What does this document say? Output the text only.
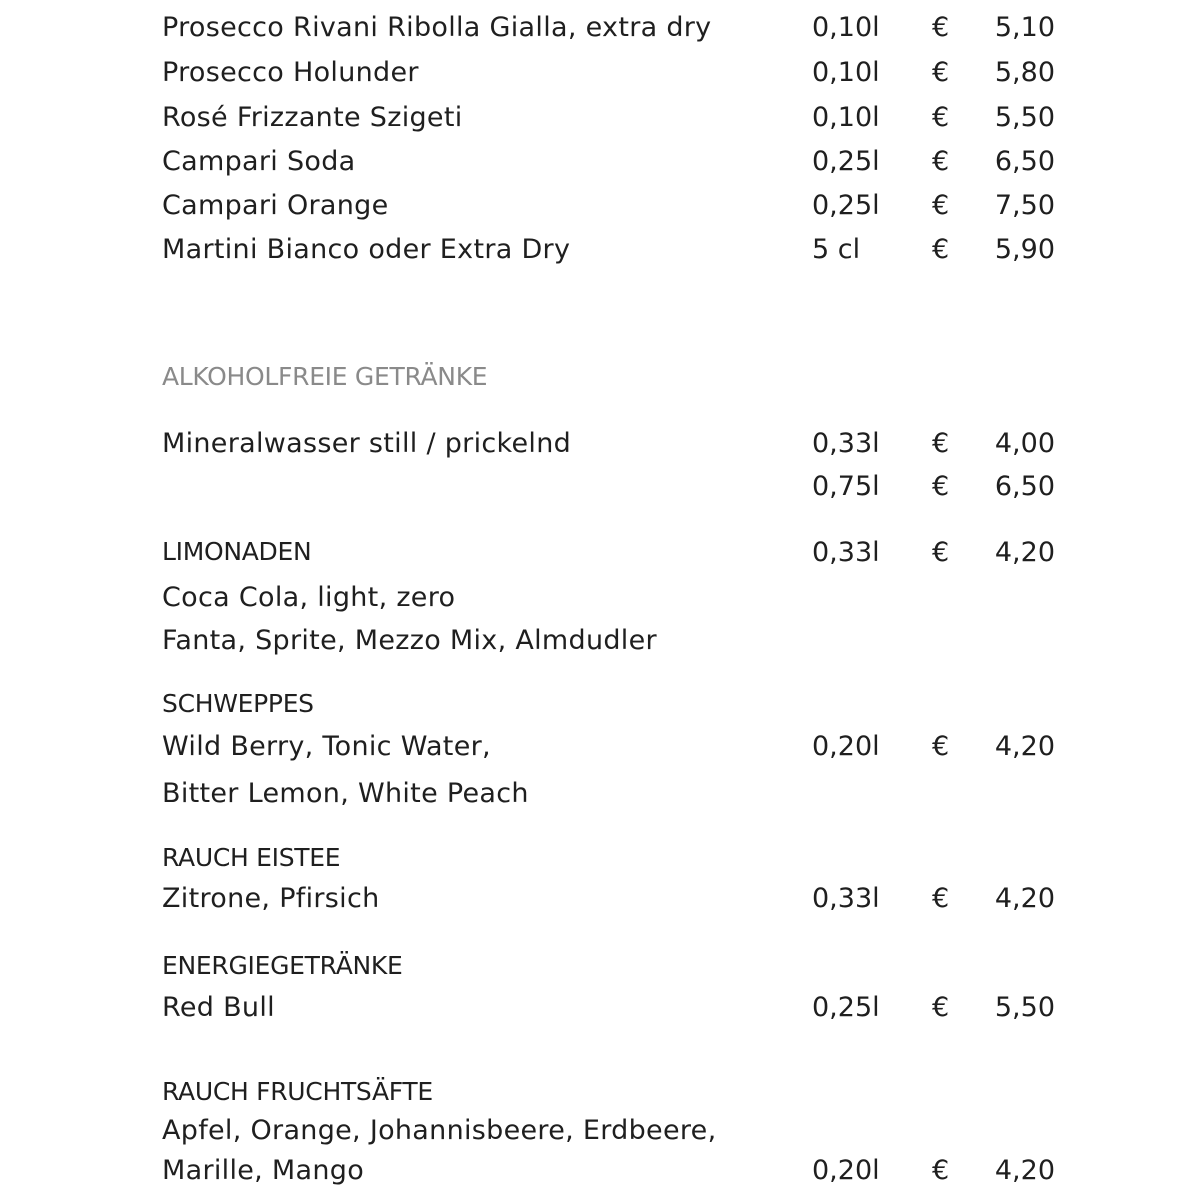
Prosecco Rivani Ribolla Gialla, extra dry	0,10l € 5,10
Prosecco Holunder	0,10l € 5,80
Rosé Frizzante Szigeti	0,10l € 5,50
Campari Soda	0,25l € 6,50
Campari Orange	0,25l € 7,50
Martini Bianco oder Extra Dry	5 cl	€ 5,90
ALKOHOLFREIE GETRÄNKE
Mineralwasser still / prickelnd	0,33l € 4,00
0,75l € 6,50
LIMONADEN	0,33l € 4,20
Coca Cola, light, zero
Fanta, Sprite, Mezzo Mix, Almdudler
SCHWEPPES
Wild Berry, Tonic Water,	0,20l € 4,20
Bitter Lemon, White Peach
RAUCH EISTEE
Zitrone, Pfirsich	0,33l € 4,20
ENERGIEGETRÄNKE
Red Bull	0,25l € 5,50
RAUCH FRUCHTSÄFTE
Apfel, Orange, Johannisbeere, Erdbeere,
Marille, Mango	0,20l € 4,20
